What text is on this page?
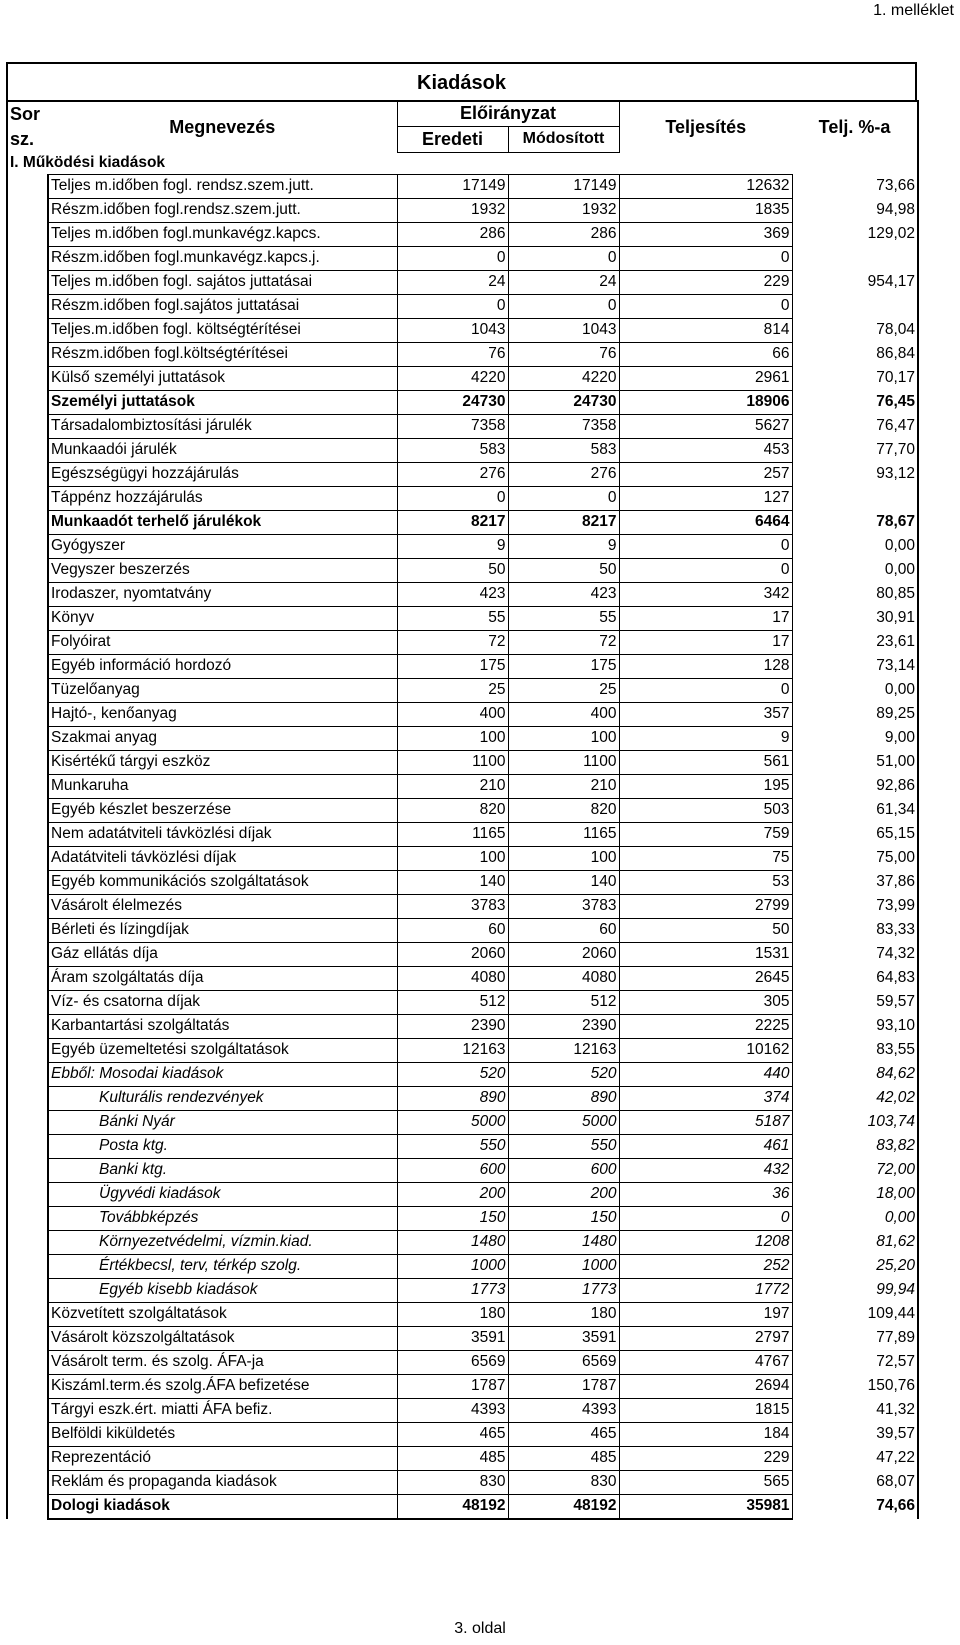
1. melléklet
Kiadások
Sor	Megnevezés	Előirányzat		Teljesítés	Telj. %-a
sz.		Eredeti	Módosított		
I. Működési kiadások					
	Teljes m.időben fogl. rendsz.szem.jutt.	17149	17149	12632	73,66
	Részm.időben fogl.rendsz.szem.jutt.	1932	1932	1835	94,98
	Teljes m.időben fogl.munkavégz.kapcs.	286	286	369	129,02
	Részm.időben fogl.munkavégz.kapcs.j.	0	0	0	
	Teljes m.időben fogl. sajátos juttatásai	24	24	229	954,17
	Részm.időben fogl.sajátos juttatásai	0	0	0	
	Teljes.m.időben fogl. költségtérítései	1043	1043	814	78,04
	Részm.időben fogl.költségtérítései	76	76	66	86,84
	Külső személyi juttatások	4220	4220	2961	70,17
	Személyi juttatások	24730	24730	18906	76,45
	Társadalombiztosítási járulék	7358	7358	5627	76,47
	Munkaadói járulék	583	583	453	77,70
	Egészségügyi hozzájárulás	276	276	257	93,12
	Táppénz hozzájárulás	0	0	127	
	Munkaadót terhelő járulékok	8217	8217	6464	78,67
	Gyógyszer	9	9	0	0,00
	Vegyszer beszerzés	50	50	0	0,00
	Irodaszer, nyomtatvány	423	423	342	80,85
	Könyv	55	55	17	30,91
	Folyóirat	72	72	17	23,61
	Egyéb információ hordozó	175	175	128	73,14
	Tüzelőanyag	25	25	0	0,00
	Hajtó-, kenőanyag	400	400	357	89,25
	Szakmai anyag	100	100	9	9,00
	Kisértékű tárgyi eszköz	1100	1100	561	51,00
	Munkaruha	210	210	195	92,86
	Egyéb készlet beszerzése	820	820	503	61,34
	Nem adatátviteli távközlési díjak	1165	1165	759	65,15
	Adatátviteli távközlési díjak	100	100	75	75,00
	Egyéb kommunikációs szolgáltatások	140	140	53	37,86
	Vásárolt élelmezés	3783	3783	2799	73,99
	Bérleti és lízingdíjak	60	60	50	83,33
	Gáz ellátás díja	2060	2060	1531	74,32
	Áram szolgáltatás díja	4080	4080	2645	64,83
	Víz- és csatorna díjak	512	512	305	59,57
	Karbantartási szolgáltatás	2390	2390	2225	93,10
	Egyéb üzemeltetési szolgáltatások	12163	12163	10162	83,55
	Ebből: Mosodai kiadások	520	520	440	84,62
	Kulturális rendezvények	890	890	374	42,02
	Bánki Nyár	5000	5000	5187	103,74
	Posta ktg.	550	550	461	83,82
	Banki ktg.	600	600	432	72,00
	Ügyvédi kiadások	200	200	36	18,00
	Továbbképzés	150	150	0	0,00
	Környezetvédelmi, vízmin.kiad.	1480	1480	1208	81,62
	Értékbecsl, terv, térkép szolg.	1000	1000	252	25,20
	Egyéb kisebb kiadások	1773	1773	1772	99,94
	Közvetített szolgáltatások	180	180	197	109,44
	Vásárolt közszolgáltatások	3591	3591	2797	77,89
	Vásárolt term. és szolg. ÁFA-ja	6569	6569	4767	72,57
	Kiszáml.term.és szolg.ÁFA befizetése	1787	1787	2694	150,76
	Tárgyi eszk.ért. miatti ÁFA befiz.	4393	4393	1815	41,32
	Belföldi kiküldetés	465	465	184	39,57
	Reprezentáció	485	485	229	47,22
	Reklám és propaganda kiadások	830	830	565	68,07
	Dologi kiadások	48192	48192	35981	74,66
3. oldal
